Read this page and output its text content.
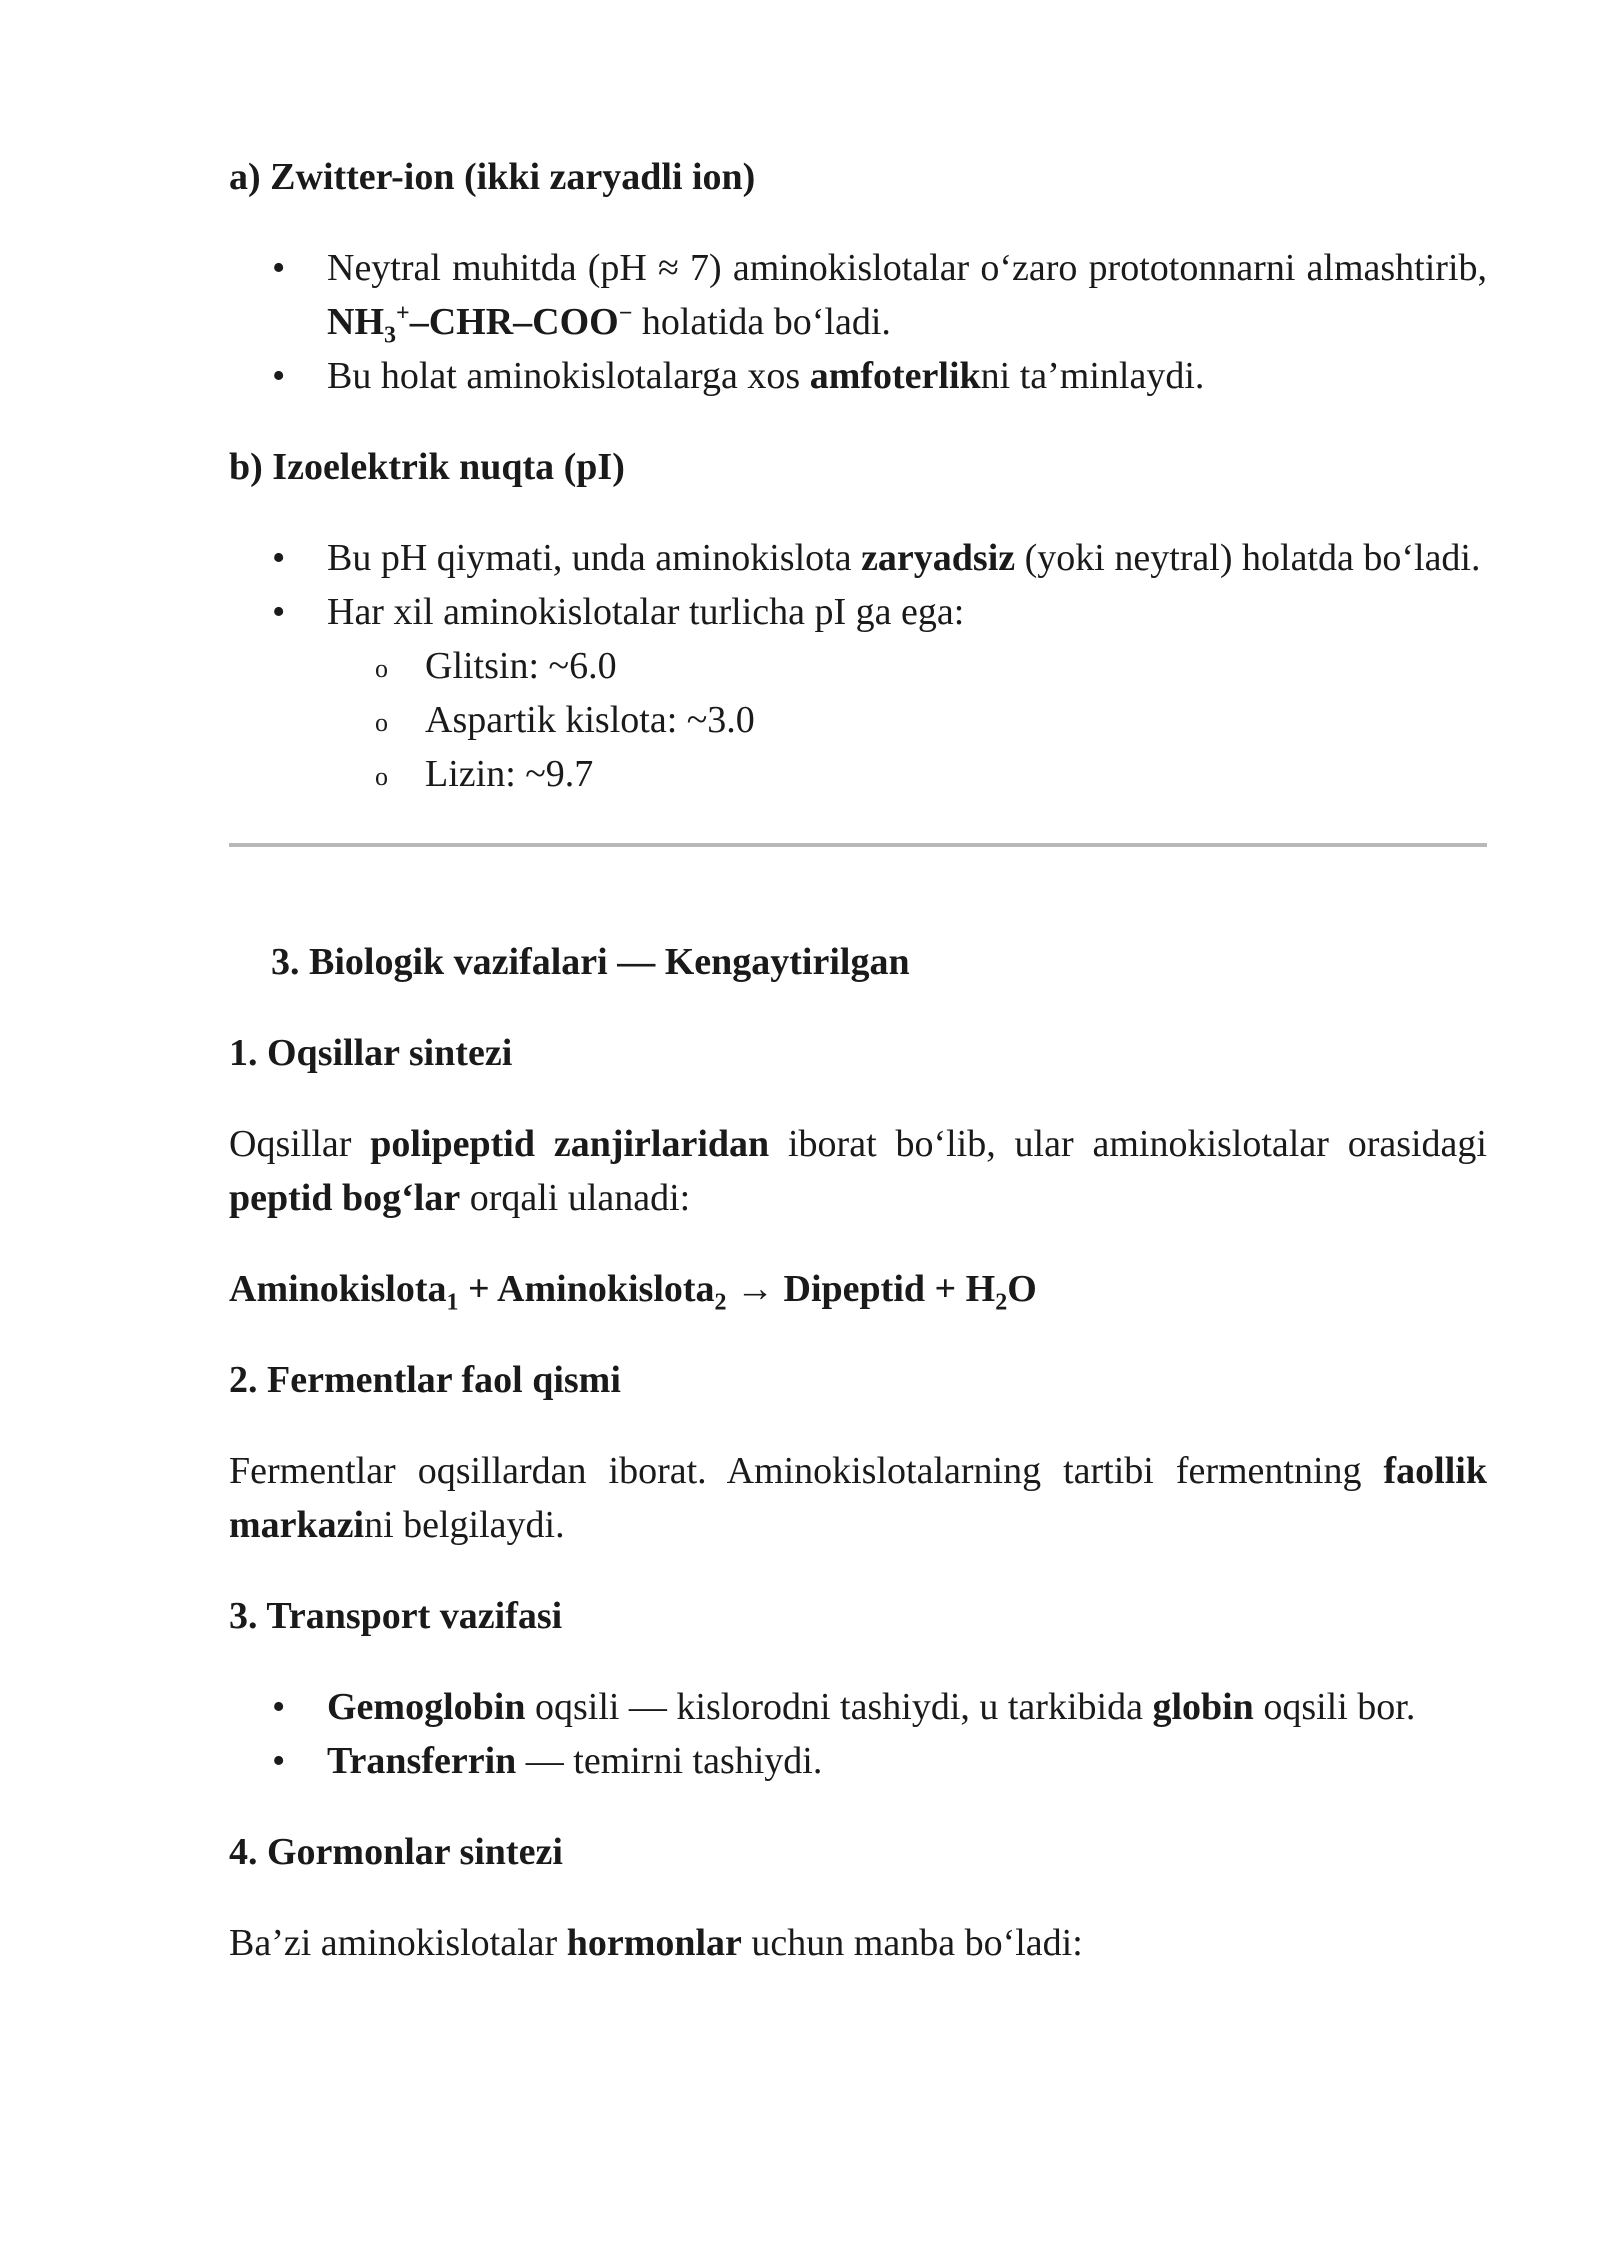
a) Zwitter-ion (ikki zaryadli ion)

• Neytral muhitda (pH ≈ 7) aminokislotalar o‘zaro prototonnarni almashtirib, $NH_3^+-CHR-COO^-$ holatida bo‘ladi.
• Bu holat aminokislotalarga xos amfoterlikni ta’minlaydi.

b) Izoelektrik nuqta (pI)

• Bu pH qiymati, unda aminokislota zaryadsiz (yoki neytral) holatda bo‘ladi.
• Har xil aminokislotalar turlicha pI ga ega:
o Glitsin: ~6.0
o Aspartik kislota: ~3.0
o Lizin: ~9.7

3. Biologik vazifalari — Kengaytirilgan

1. Oqsillar sintezi

Oqsillar polipeptid zanjirlaridan iborat bo‘lib, ular aminokislotalar orasidagi peptid bog‘lar orqali ulanadi:

Aminokislota$_1$ + Aminokislota$_2$ → Dipeptid + $H_2O$

2. Fermentlar faol qismi

Fermentlar oqsillardan iborat. Aminokislotalarning tartibi fermentning faollik markazini belgilaydi.

3. Transport vazifasi

• Gemoglobin oqsili — kislorodni tashiydi, u tarkibida globin oqsili bor.
• Transferrin — temirni tashiydi.

4. Gormonlar sintezi

Ba’zi aminokislotalar hormonlar uchun manba bo‘ladi:
